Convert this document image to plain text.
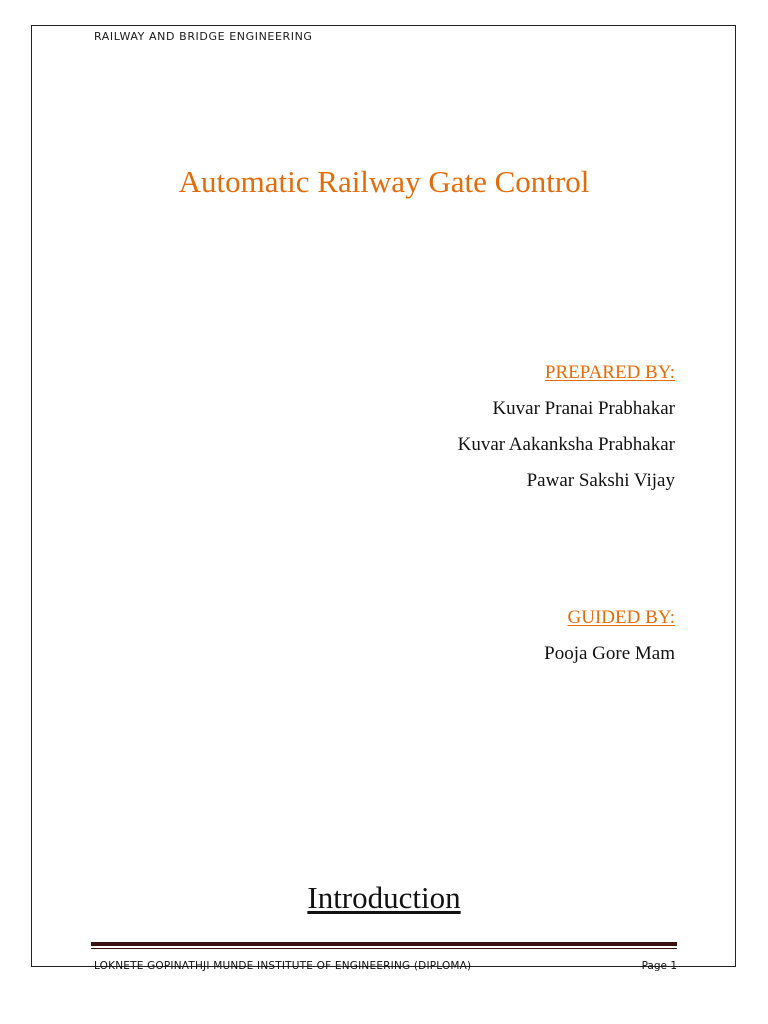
RAILWAY AND BRIDGE ENGINEERING
Automatic Railway Gate Control
PREPARED BY:
Kuvar Pranai Prabhakar
Kuvar Aakanksha Prabhakar
Pawar Sakshi Vijay
GUIDED BY:
Pooja Gore Mam
Introduction
LOKNETE GOPINATHJI MUNDE INSTITUTE OF ENGINEERING (DIPLOMA)	Page 1
